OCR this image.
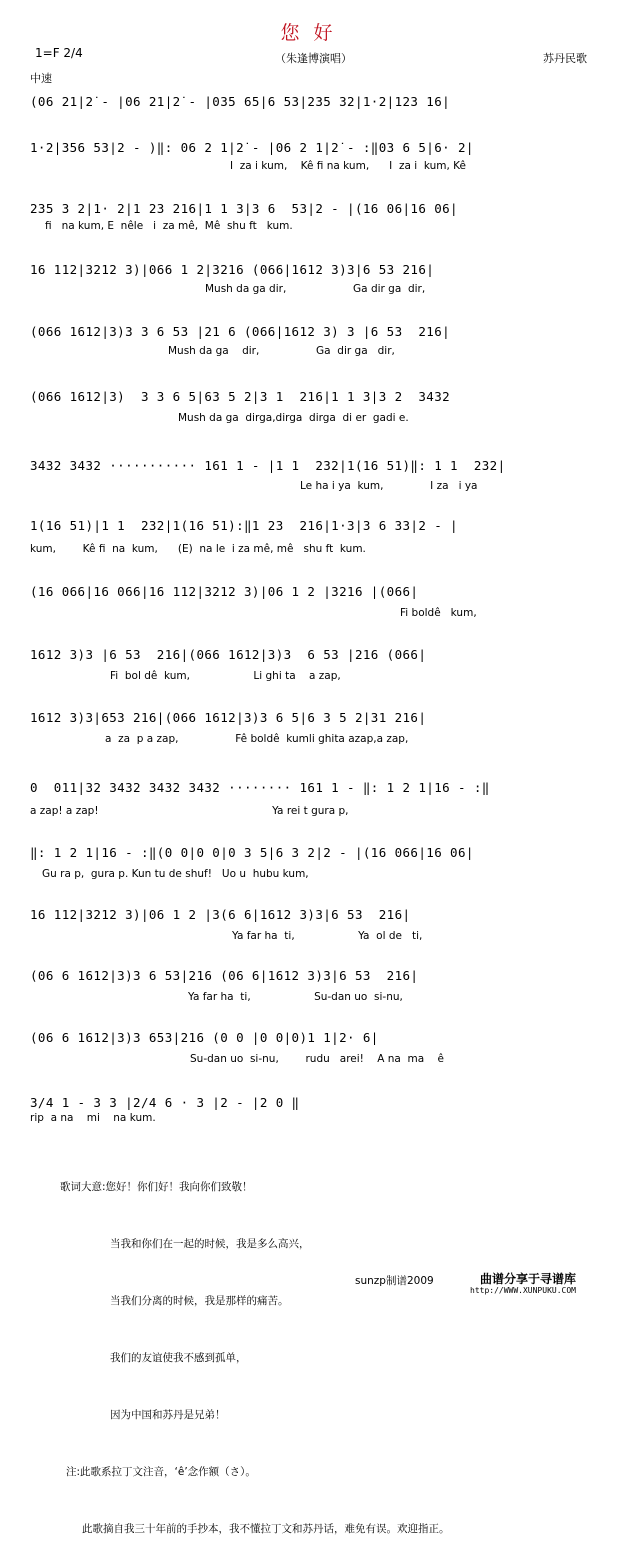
您好
（朱逢博演唱）	苏丹民歌
1=F 2/4
中速
(06 21|2̇ - |06 21|2̇ - |035 65|6 53|235 32|1·2|123 16|
1·2|356 53|2 - )‖: 06 2 1|2̇ - |06 2 1|2̇ - :‖03 6 5|6· 2|
I  za i kum,    Kê fi na kum,      I  za i  kum, Kê
235 3 2|1· 2|1 23 216|1 1 3|3 6  53|2 - |(16 06|16 06|
fi   na kum, E  nêle   i  za mê,  Mê  shu ft   kum.
16 112|3212 3)|066 1 2|3216 (066|1612 3)3|6 53 216|
Mush da ga dir,                    Ga dir ga  dir,
(066 1612|3)3 3 6 53 |21 6 (066|1612 3) 3 |6 53  216|
Mush da ga    dir,                 Ga  dir ga   dir,
(066 1612|3)  3 3 6 5|63 5 2|3 1  216|1 1 3|3 2  3432
Mush da ga  dirga,dirga  dirga  di er  gadi e.
3432 3432 ··········· 161 1 - |1 1  232|1(16 51)‖: 1 1  232|
Le ha i ya  kum,              I za   i ya
1(16 51)|1 1  232|1(16 51):‖1 23  216|1·3|3 6 33|2 - |
kum,        Kê fi  na  kum,      (E)  na le  i za mê, mê   shu ft  kum.
(16 066|16 066|16 112|3212 3)|06 1 2 |3216 |(066|
Fi boldê   kum,
1612 3)3 |6 53  216|(066 1612|3)3  6 53 |216 (066|
Fi  bol dê  kum,                   Li ghi ta    a zap,
1612 3)3|653 216|(066 1612|3)3 6 5|6 3 5 2|31 216|
a  za  p a zap,                 Fê boldê  kumli ghita azap,a zap,
0  011|32 3432 3432 3432 ········ 161 1 - ‖: 1 2 1|16 - :‖
a zap! a zap!                                                    Ya rei t gura p,
‖: 1 2 1|16 - :‖(0 0|0 0|0 3 5|6 3 2|2 - |(16 066|16 06|
Gu ra p,  gura p. Kun tu de shuf!   Uo u  hubu kum,
16 112|3212 3)|06 1 2 |3(6 6|1612 3)3|6 53  216|
Ya far ha  ti,                   Ya  ol de   ti,
(06 6 1612|3)3 6 53|216 (06 6|1612 3)3|6 53  216|
Ya far ha  ti,                   Su-dan uo  si-nu,
(06 6 1612|3)3 653|216 (0 0 |0 0|0)1 1|2· 6|
Su-dan uo  si-nu,        rudu   arei!    A na  ma    ê
3/4 1 - 3 3 |2/4 6 · 3 |2 - |2 0 ‖
rip  a na    mi    na kum.

歌词大意:您好！你们好！我向你们致敬！

当我和你们在一起的时候，我是多么高兴，

当我们分离的时候，我是那样的痛苦。

我们的友谊使我不感到孤单，

因为中国和苏丹是兄弟！

注:此歌系拉丁文注音，‘ê’念作额（さ）。

此歌摘自我三十年前的手抄本，我不懂拉丁文和苏丹话，难免有误。欢迎指正。

sunzp制谱2009	曲谱分享于寻谱库
http://WWW.XUNPUKU.COM
